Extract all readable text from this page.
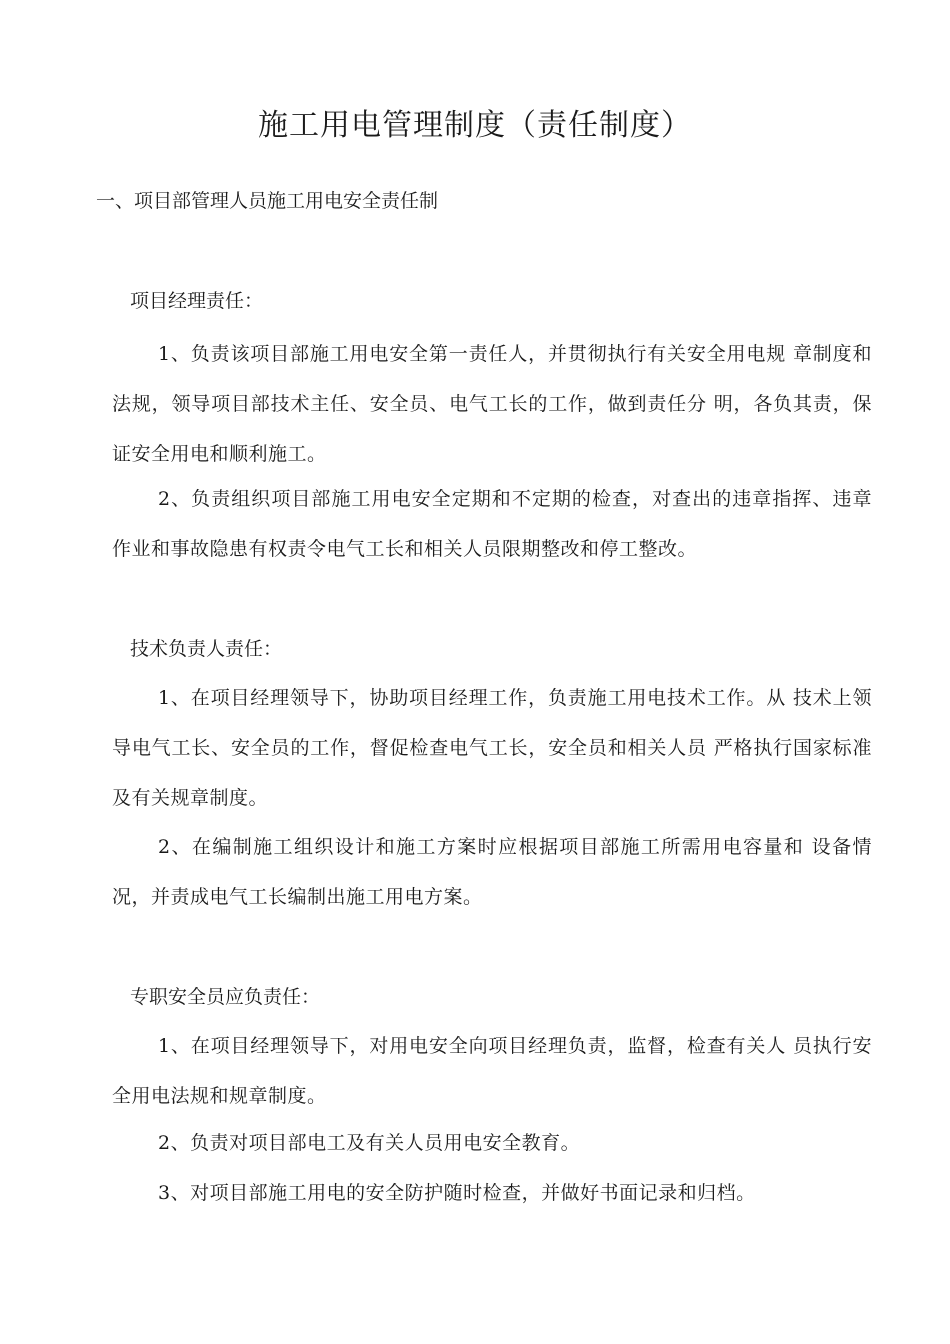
施工用电管理制度（责任制度）
一、项目部管理人员施工用电安全责任制
项目经理责任：
1、负责该项目部施工用电安全第一责任人，并贯彻执行有关安全用电规 章制度和法规，领导项目部技术主任、安全员、电气工长的工作，做到责任分 明，各负其责，保证安全用电和顺利施工。
2、负责组织项目部施工用电安全定期和不定期的检查，对查出的违章指挥、违章作业和事故隐患有权责令电气工长和相关人员限期整改和停工整改。
技术负责人责任：
1、在项目经理领导下，协助项目经理工作，负责施工用电技术工作。从 技术上领导电气工长、安全员的工作，督促检查电气工长，安全员和相关人员 严格执行国家标准及有关规章制度。
2、在编制施工组织设计和施工方案时应根据项目部施工所需用电容量和 设备情况，并责成电气工长编制出施工用电方案。
专职安全员应负责任：
1、在项目经理领导下，对用电安全向项目经理负责，监督，检查有关人 员执行安全用电法规和规章制度。
2、负责对项目部电工及有关人员用电安全教育。
3、对项目部施工用电的安全防护随时检查，并做好书面记录和归档。
